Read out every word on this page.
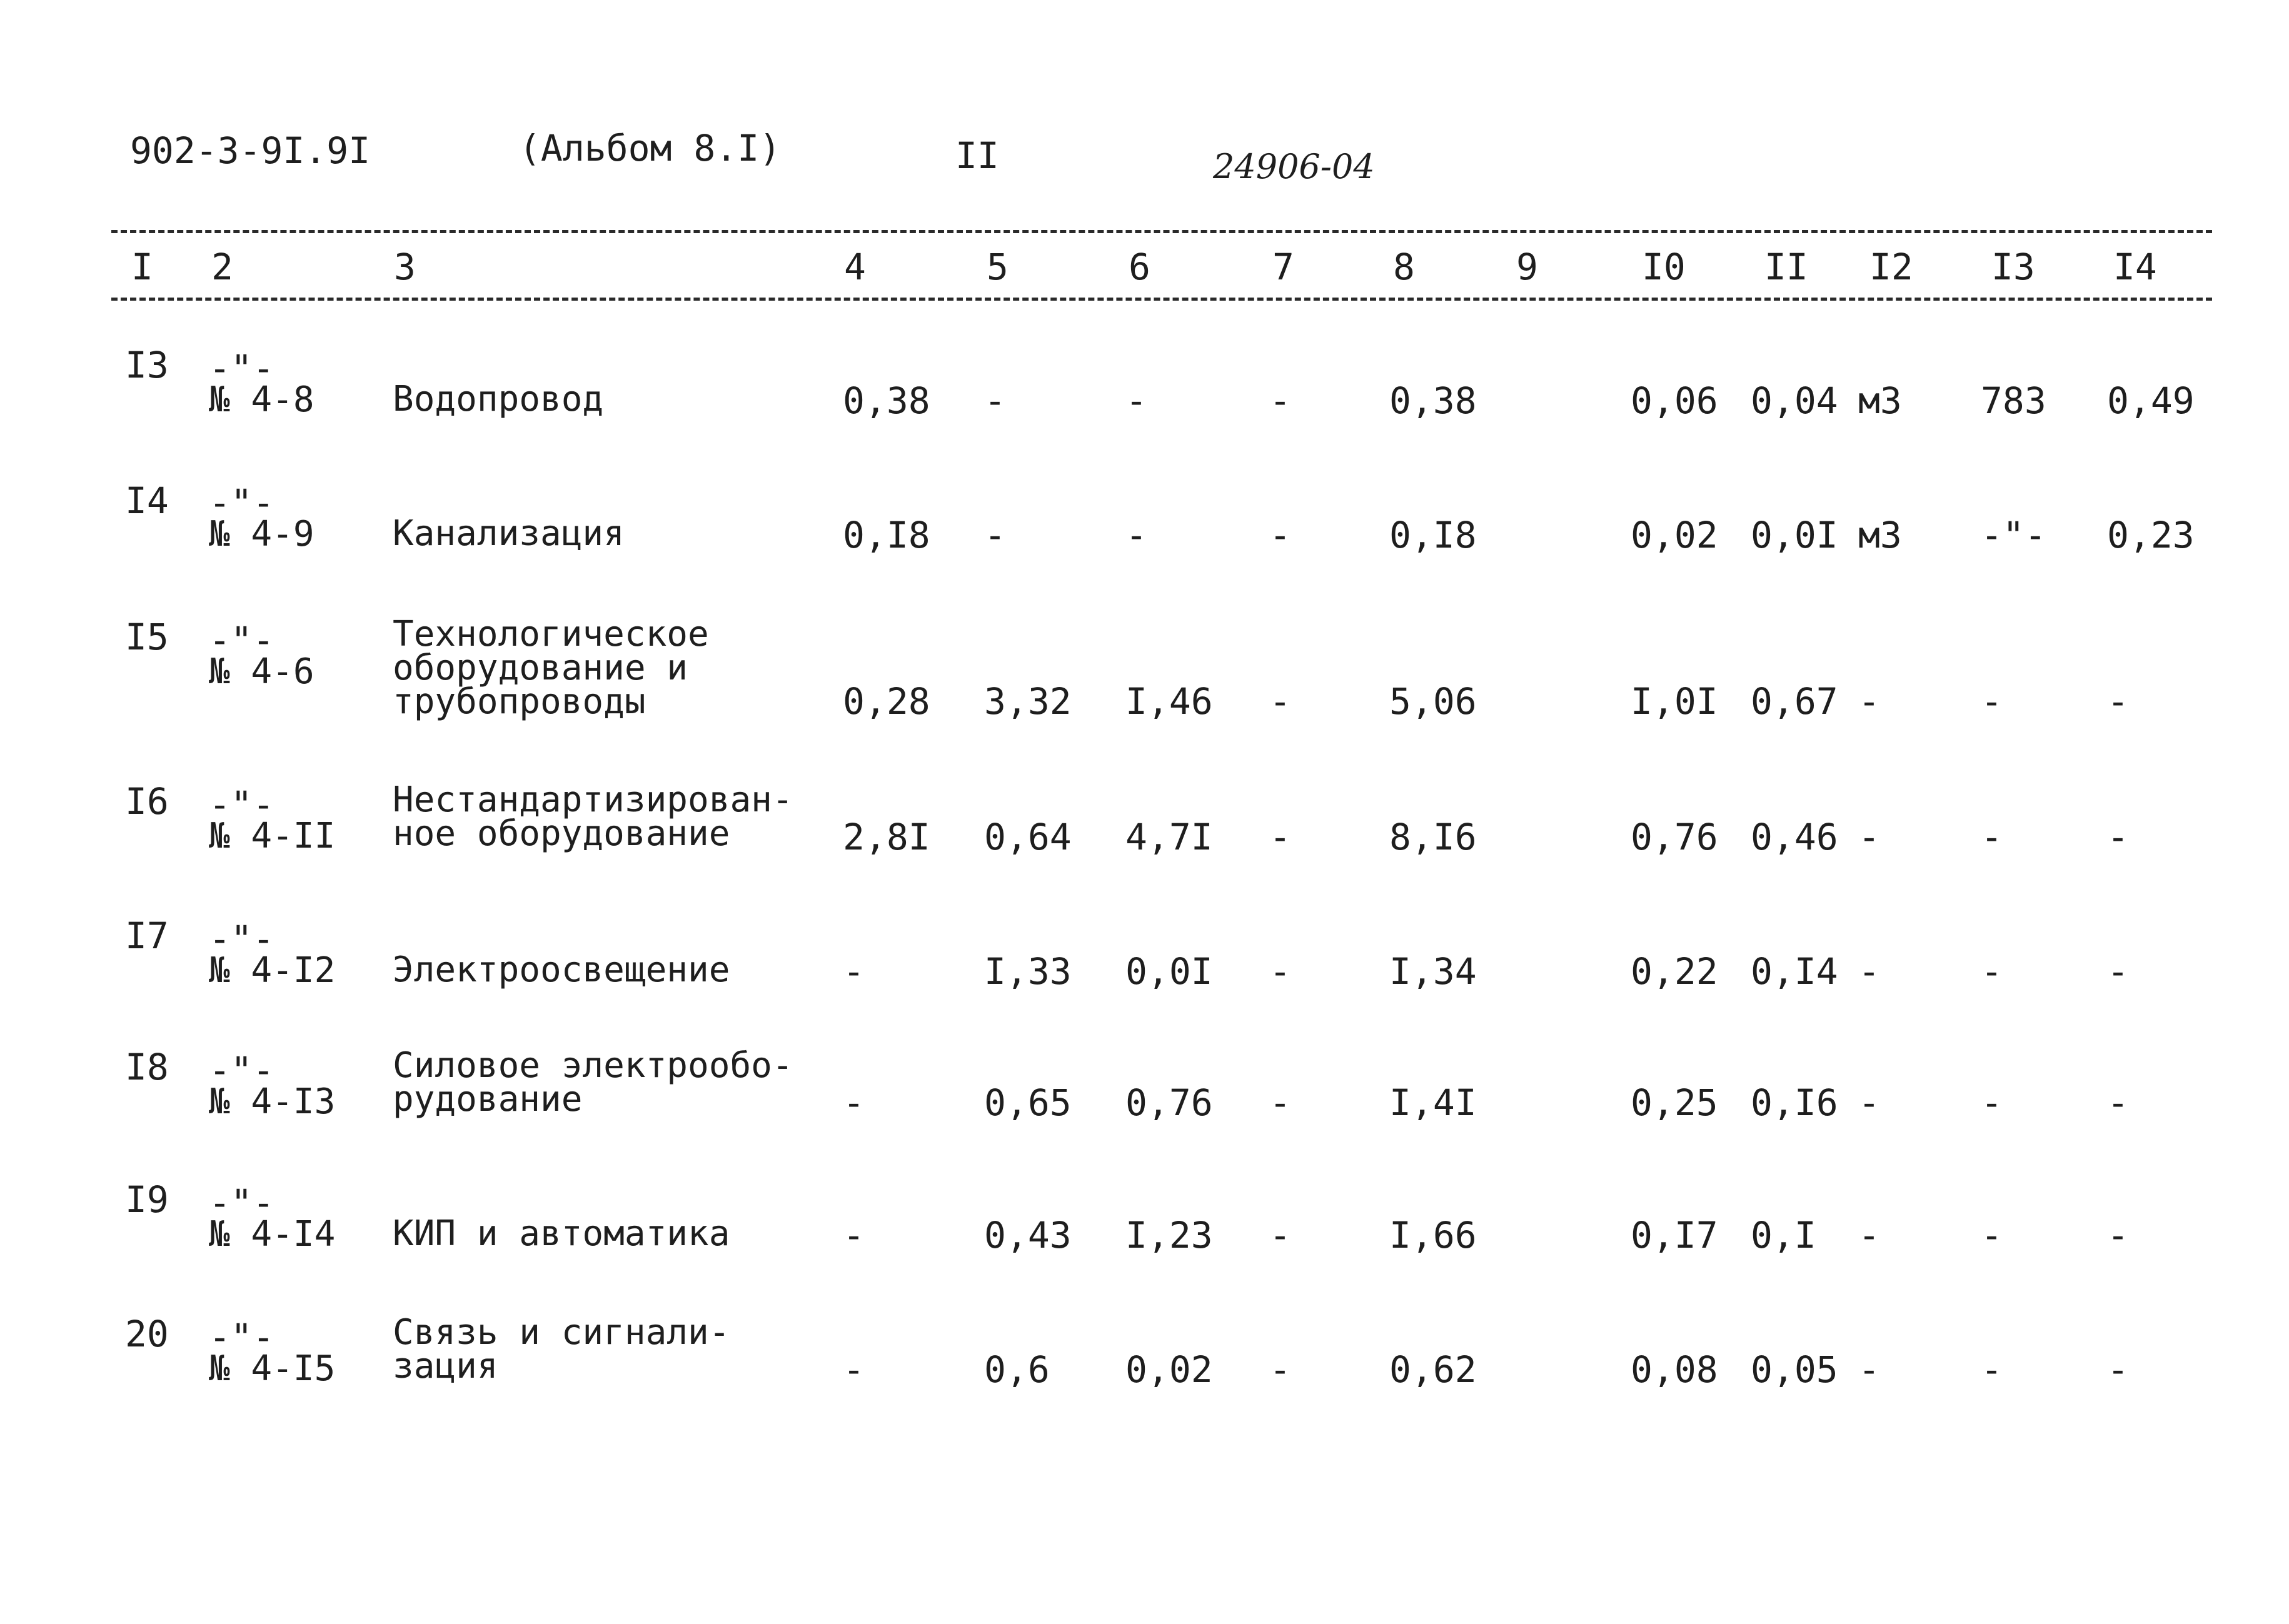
902-3-9I.9I	(Альбом 8.I)	II	24906-04
I 2	3	4	5	6	7	8	9	I0 II I2 I3 I4
I3 -"-
№ 4-8 Водопровод	0,38 -	-	-	0,38	0,06 0,04 м3 783 0,49
I4 -"-
№ 4-9 Канализация	0,I8 -	-	-	0,I8	0,02 0,0I м3 -"- 0,23
I5 -"-
№ 4-6
Технологическое
оборудование и
трубопроводы	0,28 3,32 I,46 -	5,06	I,0I 0,67 -	-	-
I6 -"-
№ 4-II
Нестандартизирован-
ное оборудование	2,8I 0,64 4,7I -	8,I6	0,76 0,46 -	-	-
I7 -"-
№ 4-I2 Электроосвещение	-	I,33 0,0I -	I,34	0,22 0,I4 -	-	-
I8 -"-
№ 4-I3
Силовое электрообо-
рудование	-	0,65 0,76 -	I,4I	0,25 0,I6 -	-	-
I9 -"-
№ 4-I4 КИП и автоматика	-	0,43 I,23 -	I,66	0,I7 0,I -	-	-
20 -"-
№ 4-I5
Связь и сигнали-
зация	-	0,6 0,02 -	0,62	0,08 0,05 -	-	-
